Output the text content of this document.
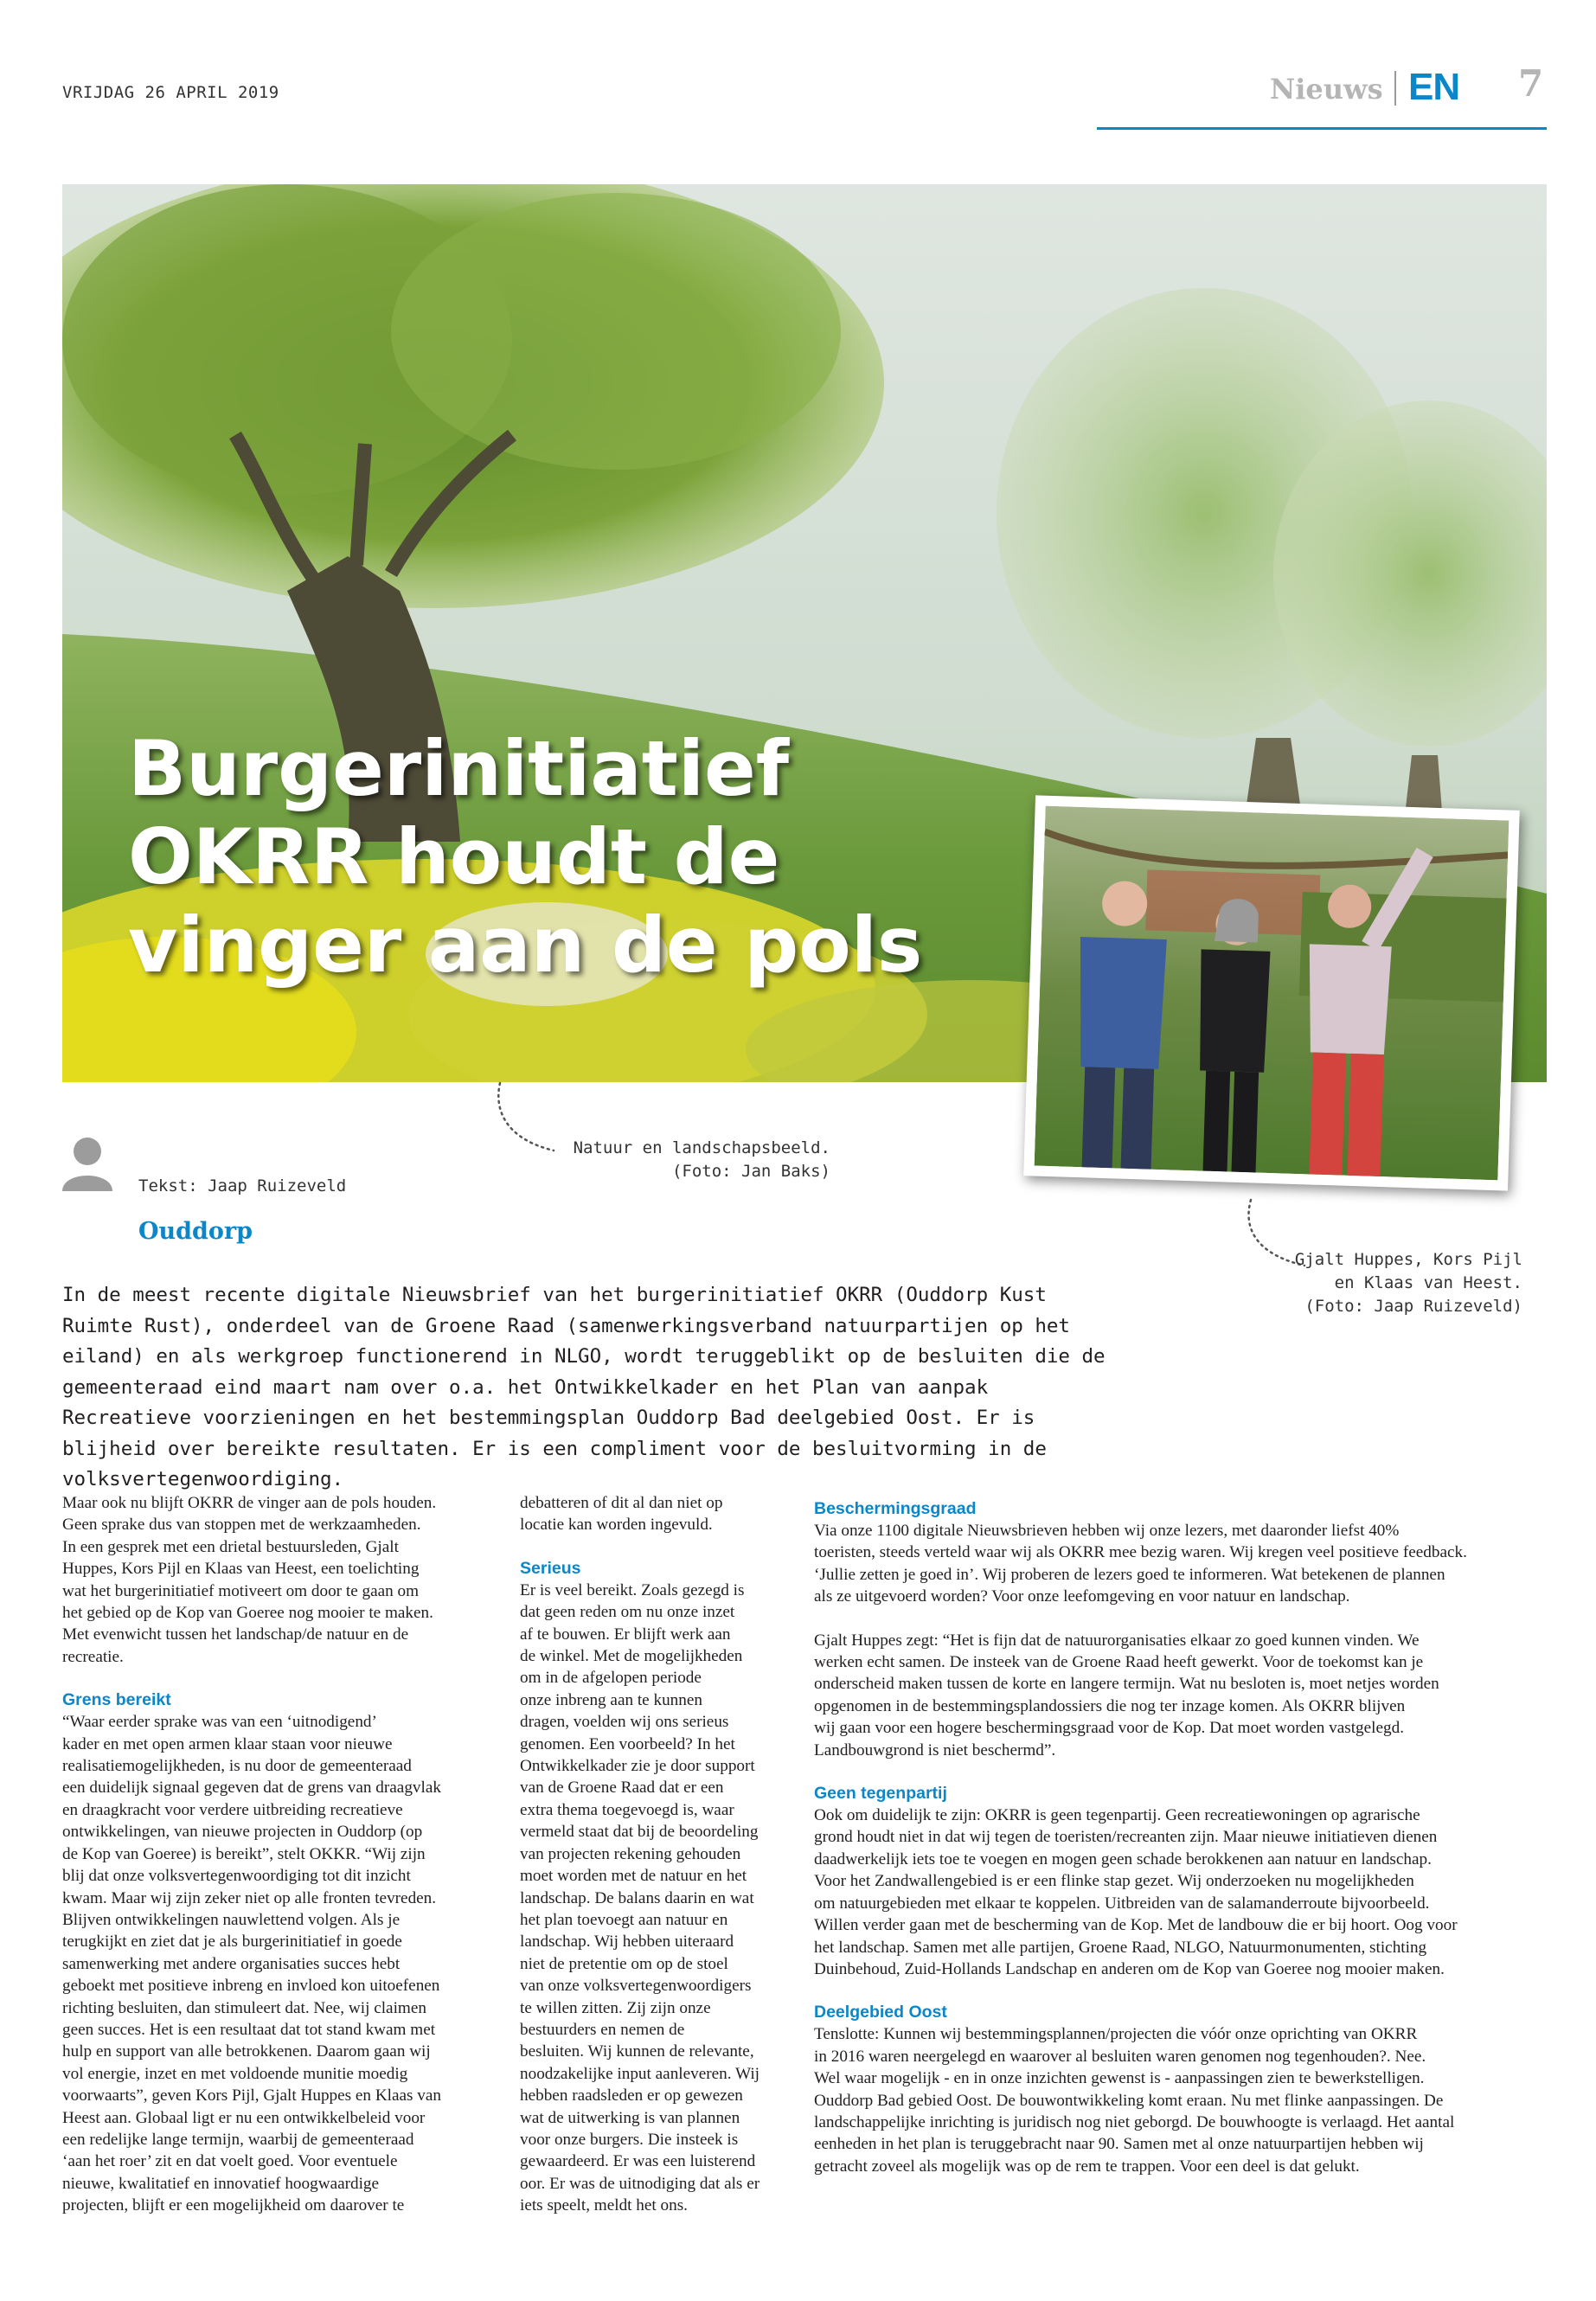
VRIJDAG 26 APRIL 2019	Nieuws EN 7
Burgerinitiatief
OKRR houdt de
vinger aan de pols
Natuur en landschapsbeeld.
(Foto: Jan Baks)
Gjalt Huppes, Kors Pijl
en Klaas van Heest.
(Foto: Jaap Ruizeveld)
Tekst: Jaap Ruizeveld
Ouddorp
In de meest recente digitale Nieuwsbrief van het burgerinitiatief OKRR (Ouddorp Kust Ruimte Rust), onderdeel van de Groene Raad (samenwerkingsverband natuurpartijen op het eiland) en als werkgroep functionerend in NLGO, wordt teruggeblikt op de besluiten die de gemeenteraad eind maart nam over o.a. het Ontwikkelkader en het Plan van aanpak Recreatieve voorzieningen en het bestemmingsplan Ouddorp Bad deelgebied Oost. Er is blijheid over bereikte resultaten. Er is een compliment voor de besluitvorming in de volksvertegenwoordiging.

Maar ook nu blijft OKRR de vinger aan de pols houden.
Geen sprake dus van stoppen met de werkzaamheden.
In een gesprek met een drietal bestuursleden, Gjalt
Huppes, Kors Pijl en Klaas van Heest, een toelichting
wat het burgerinitiatief motiveert om door te gaan om
het gebied op de Kop van Goeree nog mooier te maken.
Met evenwicht tussen het landschap/de natuur en de
recreatie.

Grens bereikt

“Waar eerder sprake was van een ‘uitnodigend’
kader en met open armen klaar staan voor nieuwe
realisatiemogelijkheden, is nu door de gemeenteraad
een duidelijk signaal gegeven dat de grens van draagvlak
en draagkracht voor verdere uitbreiding recreatieve
ontwikkelingen, van nieuwe projecten in Ouddorp (op
de Kop van Goeree) is bereikt”, stelt OKKR. “Wij zijn
blij dat onze volksvertegenwoordiging tot dit inzicht
kwam. Maar wij zijn zeker niet op alle fronten tevreden.
Blijven ontwikkelingen nauwlettend volgen. Als je
terugkijkt en ziet dat je als burgerinitiatief in goede
samenwerking met andere organisaties succes hebt
geboekt met positieve inbreng en invloed kon uitoefenen
richting besluiten, dan stimuleert dat. Nee, wij claimen
geen succes. Het is een resultaat dat tot stand kwam met
hulp en support van alle betrokkenen. Daarom gaan wij
vol energie, inzet en met voldoende munitie moedig
voorwaarts”, geven Kors Pijl, Gjalt Huppes en Klaas van
Heest aan. Globaal ligt er nu een ontwikkelbeleid voor
een redelijke lange termijn, waarbij de gemeenteraad
‘aan het roer’ zit en dat voelt goed. Voor eventuele
nieuwe, kwalitatief en innovatief hoogwaardige
projecten, blijft er een mogelijkheid om daarover te

debatteren of dit al dan niet op
locatie kan worden ingevuld.

Serieus

Er is veel bereikt. Zoals gezegd is
dat geen reden om nu onze inzet
af te bouwen. Er blijft werk aan
de winkel. Met de mogelijkheden
om in de afgelopen periode
onze inbreng aan te kunnen
dragen, voelden wij ons serieus
genomen. Een voorbeeld? In het
Ontwikkelkader zie je door support
van de Groene Raad dat er een
extra thema toegevoegd is, waar
vermeld staat dat bij de beoordeling
van projecten rekening gehouden
moet worden met de natuur en het
landschap. De balans daarin en wat
het plan toevoegt aan natuur en
landschap. Wij hebben uiteraard
niet de pretentie om op de stoel
van onze volksvertegenwoordigers
te willen zitten. Zij zijn onze
bestuurders en nemen de
besluiten. Wij kunnen de relevante,
noodzakelijke input aanleveren. Wij
hebben raadsleden er op gewezen
wat de uitwerking is van plannen
voor onze burgers. Die insteek is
gewaardeerd. Er was een luisterend
oor. Er was de uitnodiging dat als er
iets speelt, meldt het ons.

Beschermingsgraad

Via onze 1100 digitale Nieuwsbrieven hebben wij onze lezers, met daaronder liefst 40%
toeristen, steeds verteld waar wij als OKRR mee bezig waren. Wij kregen veel positieve feedback.
‘Jullie zetten je goed in’. Wij proberen de lezers goed te informeren. Wat betekenen de plannen
als ze uitgevoerd worden? Voor onze leefomgeving en voor natuur en landschap.

Gjalt Huppes zegt: “Het is fijn dat de natuurorganisaties elkaar zo goed kunnen vinden. We
werken echt samen. De insteek van de Groene Raad heeft gewerkt. Voor de toekomst kan je
onderscheid maken tussen de korte en langere termijn. Wat nu besloten is, moet netjes worden
opgenomen in de bestemmingsplandossiers die nog ter inzage komen. Als OKRR blijven
wij gaan voor een hogere beschermingsgraad voor de Kop. Dat moet worden vastgelegd.
Landbouwgrond is niet beschermd”.

Geen tegenpartij

Ook om duidelijk te zijn: OKRR is geen tegenpartij. Geen recreatiewoningen op agrarische
grond houdt niet in dat wij tegen de toeristen/recreanten zijn. Maar nieuwe initiatieven dienen
daadwerkelijk iets toe te voegen en mogen geen schade berokkenen aan natuur en landschap.
Voor het Zandwallengebied is er een flinke stap gezet. Wij onderzoeken nu mogelijkheden
om natuurgebieden met elkaar te koppelen. Uitbreiden van de salamanderroute bijvoorbeeld.
Willen verder gaan met de bescherming van de Kop. Met de landbouw die er bij hoort. Oog voor
het landschap. Samen met alle partijen, Groene Raad, NLGO, Natuurmonumenten, stichting
Duinbehoud, Zuid-Hollands Landschap en anderen om de Kop van Goeree nog mooier maken.

Deelgebied Oost

Tenslotte: Kunnen wij bestemmingsplannen/projecten die vóór onze oprichting van OKRR
in 2016 waren neergelegd en waarover al besluiten waren genomen nog tegenhouden?. Nee.
Wel waar mogelijk - en in onze inzichten gewenst is - aanpassingen zien te bewerkstelligen.
Ouddorp Bad gebied Oost. De bouwontwikkeling komt eraan. Nu met flinke aanpassingen. De
landschappelijke inrichting is juridisch nog niet geborgd. De bouwhoogte is verlaagd. Het aantal
eenheden in het plan is teruggebracht naar 90. Samen met al onze natuurpartijen hebben wij
getracht zoveel als mogelijk was op de rem te trappen. Voor een deel is dat gelukt.
